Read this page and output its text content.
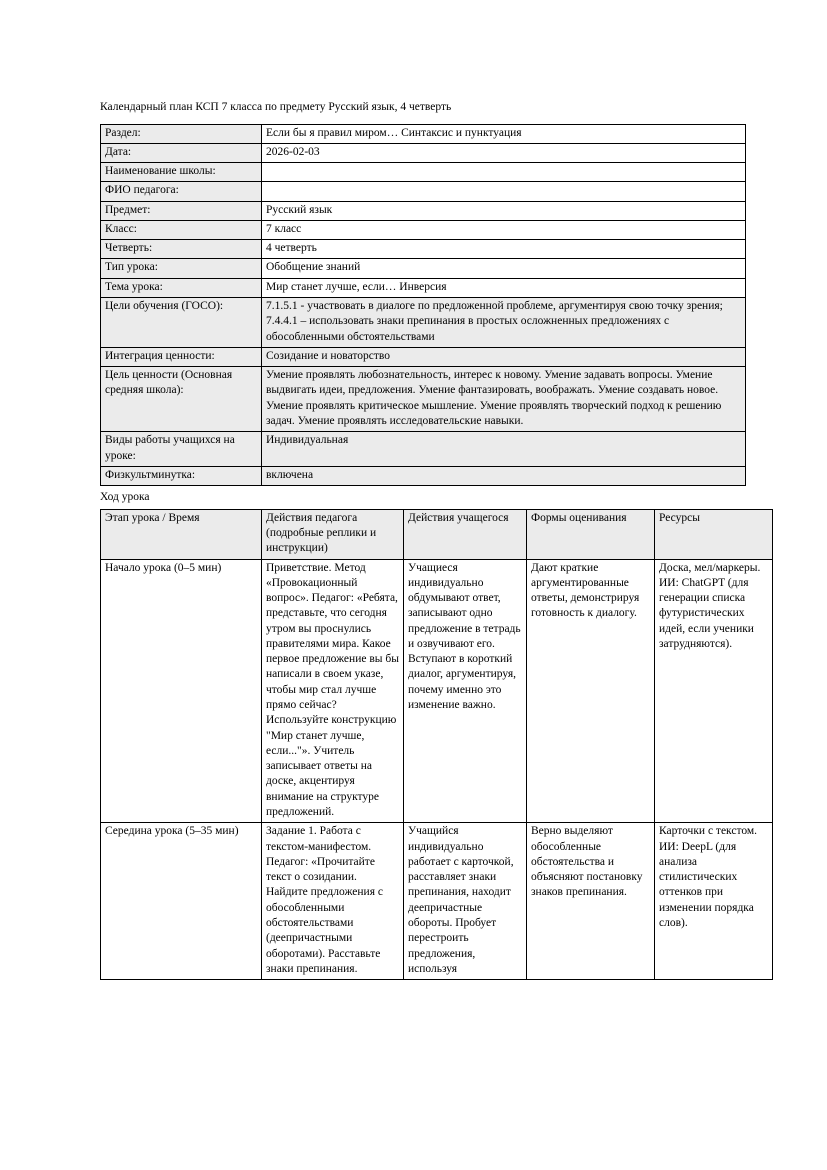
Календарный план КСП 7 класса по предмету Русский язык, 4 четверть
Раздел:	Если бы я правил миром… Синтаксис и пунктуация
Дата:	2026-02-03
Наименование школы:	
ФИО педагога:	
Предмет:	Русский язык
Класс:	7 класс
Четверть:	4 четверть
Тип урока:	Обобщение знаний
Тема урока:	Мир станет лучше, если… Инверсия
Цели обучения (ГОСО):	7.1.5.1 - участвовать в диалоге по предложенной проблеме, аргументируя свою точку зрения; 7.4.4.1 – использовать знаки препинания в простых осложненных предложениях с обособленными обстоятельствами
Интеграция ценности:	Созидание и новаторство
Цель ценности (Основная средняя школа):	Умение проявлять любознательность, интерес к новому. Умение задавать вопросы. Умение выдвигать идеи, предложения. Умение фантазировать, воображать. Умение создавать новое. Умение проявлять критическое мышление. Умение проявлять творческий подход к решению задач. Умение проявлять исследовательские навыки.
Виды работы учащихся на уроке:	Индивидуальная
Физкультминутка:	включена
Ход урока
Этап урока / Время	Действия педагога (подробные реплики и инструкции)	Действия учащегося	Формы оценивания	Ресурсы
Начало урока (0–5 мин)	Приветствие. Метод «Провокационный вопрос». Педагог: «Ребята, представьте, что сегодня утром вы проснулись правителями мира. Какое первое предложение вы бы написали в своем указе, чтобы мир стал лучше прямо сейчас? Используйте конструкцию "Мир станет лучше, если..."». Учитель записывает ответы на доске, акцентируя внимание на структуре предложений.	Учащиеся индивидуально обдумывают ответ, записывают одно предложение в тетрадь и озвучивают его. Вступают в короткий диалог, аргументируя, почему именно это изменение важно.	Дают краткие аргументированные ответы, демонстрируя готовность к диалогу.	Доска, мел/маркеры. ИИ: ChatGPT (для генерации списка футуристических идей, если ученики затрудняются).
Середина урока (5–35 мин)	Задание 1. Работа с текстом-манифестом. Педагог: «Прочитайте текст о созидании. Найдите предложения с обособленными обстоятельствами (деепричастными оборотами). Расставьте знаки препинания.	Учащийся индивидуально работает с карточкой, расставляет знаки препинания, находит деепричастные обороты. Пробует перестроить предложения, используя	Верно выделяют обособленные обстоятельства и объясняют постановку знаков препинания.	Карточки с текстом. ИИ: DeepL (для анализа стилистических оттенков при изменении порядка слов).
